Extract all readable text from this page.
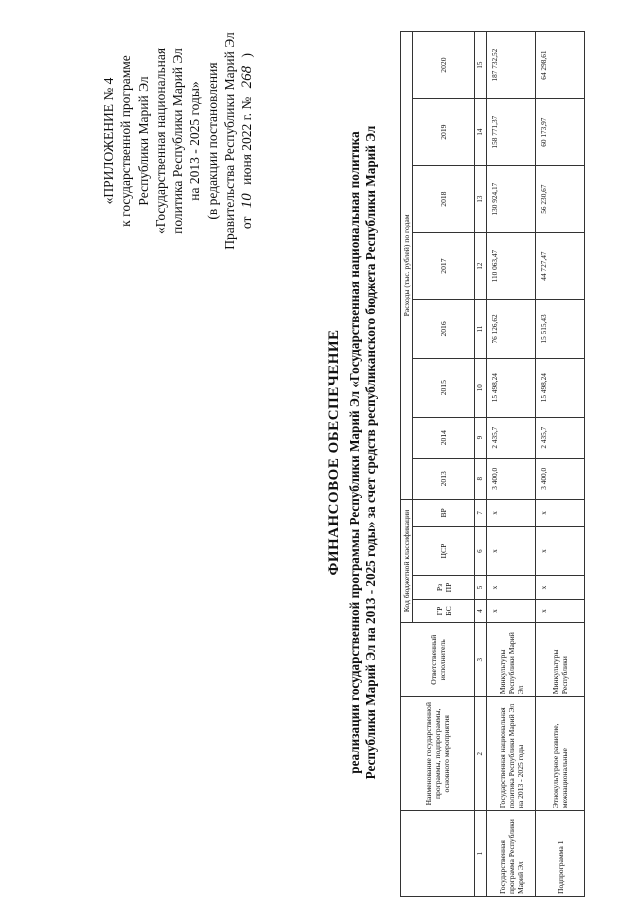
«ПРИЛОЖЕНИЕ № 4 к государственной программе Республики Марий Эл «Государственная национальная политика Республики Марий Эл на 2013 - 2025 годы» (в редакции постановления Правительства Республики Марий Эл от 10 июня 2022 г. № 268 )
ФИНАНСОВОЕ ОБЕСПЕЧЕНИЕ реализации государственной программы Республики Марий Эл «Государственная национальная политика Республики Марий Эл на 2013 - 2025 годы» за счет средств республиканского бюджета Республики Марий Эл
		Наименование государственной программы, подпрограммы, основного мероприятия	Ответственный исполнитель	Код бюджетной классификации				Расходы (тыс. рублей) по годам							
			ГР БС	Рз ПР	ЦСР	ВР	2013	2014	2015	2016	2017	2018	2019	2020
1	2	3	4	5	6	7	8	9	10	11	12	13	14	15
Государственная программа Республики Марий Эл	Государственная национальная политика Республики Марий Эл на 2013 - 2025 годы	Минкультуры Республики Марий Эл	х	х	х	х	3 400,0	2 435,7	15 498,24	76 126,62	110 063,47	130 924,17	158 771,37	187 732,52
Подпрограмма 1	Этнокультурное развитие, межнациональные	Минкультуры Республики	х	х	х	х	3 400,0	2 435,7	15 498,24	15 515,43	44 727,47	56 230,67	60 173,97	64 298,61
